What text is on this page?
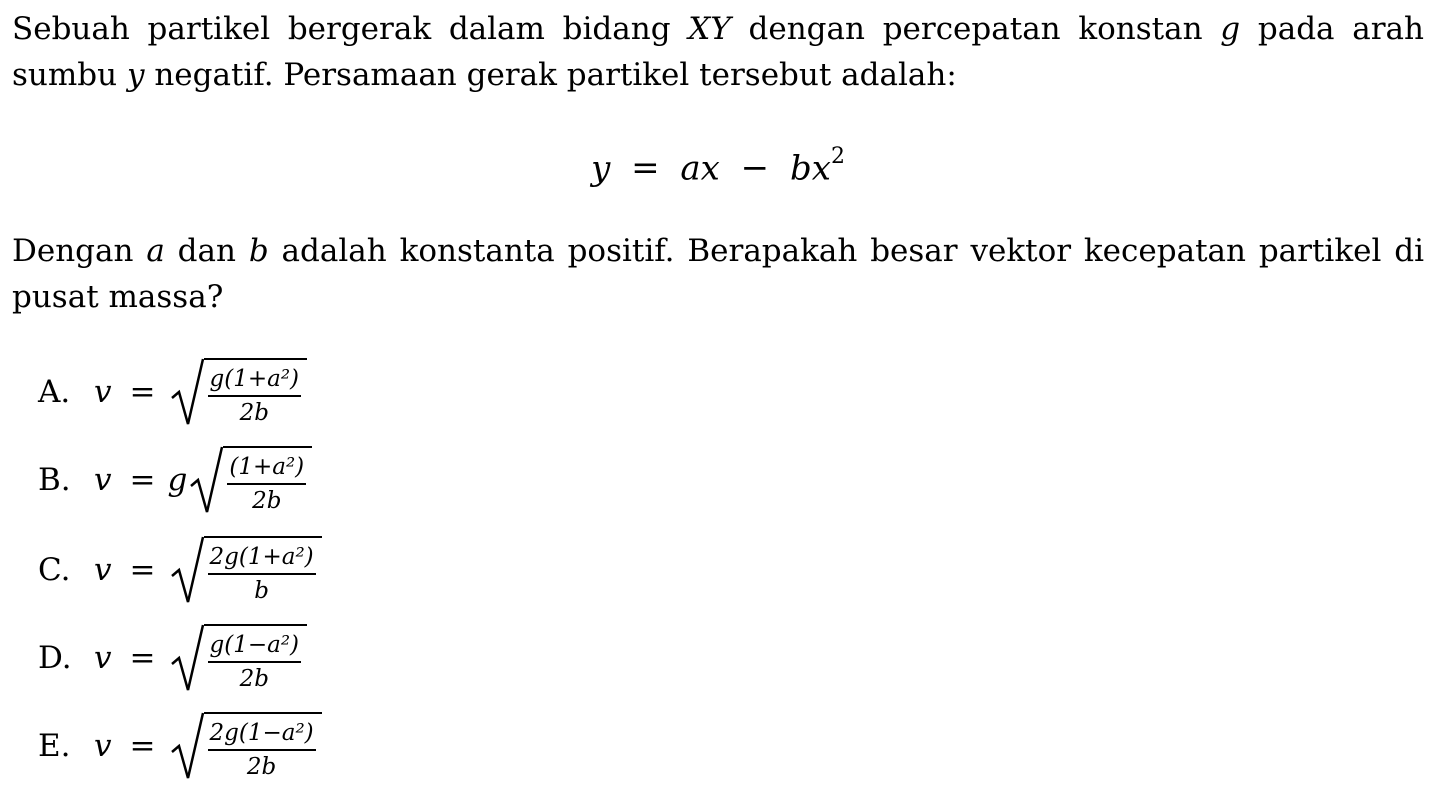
Sebuah partikel bergerak dalam bidang XY dengan percepatan konstan g pada arah sumbu y negatif. Persamaan gerak partikel tersebut adalah:

y = ax − $bx^2$

Dengan a dan b adalah konstanta positif. Berapakah besar vektor kecepatan partikel di pusat massa?

A. $v = \frac{\text{g(1+a²)}}{2b}$
B. v = g $\frac{\text{(1+a²)}}{2b}$
C. $v = \frac{\text{2g(1+a²)}}{b}$
D. $v = \frac{\text{g(1−a²)}}{2b}$
E. $v = \frac{\text{2g(1−a²)}}{2b}$
